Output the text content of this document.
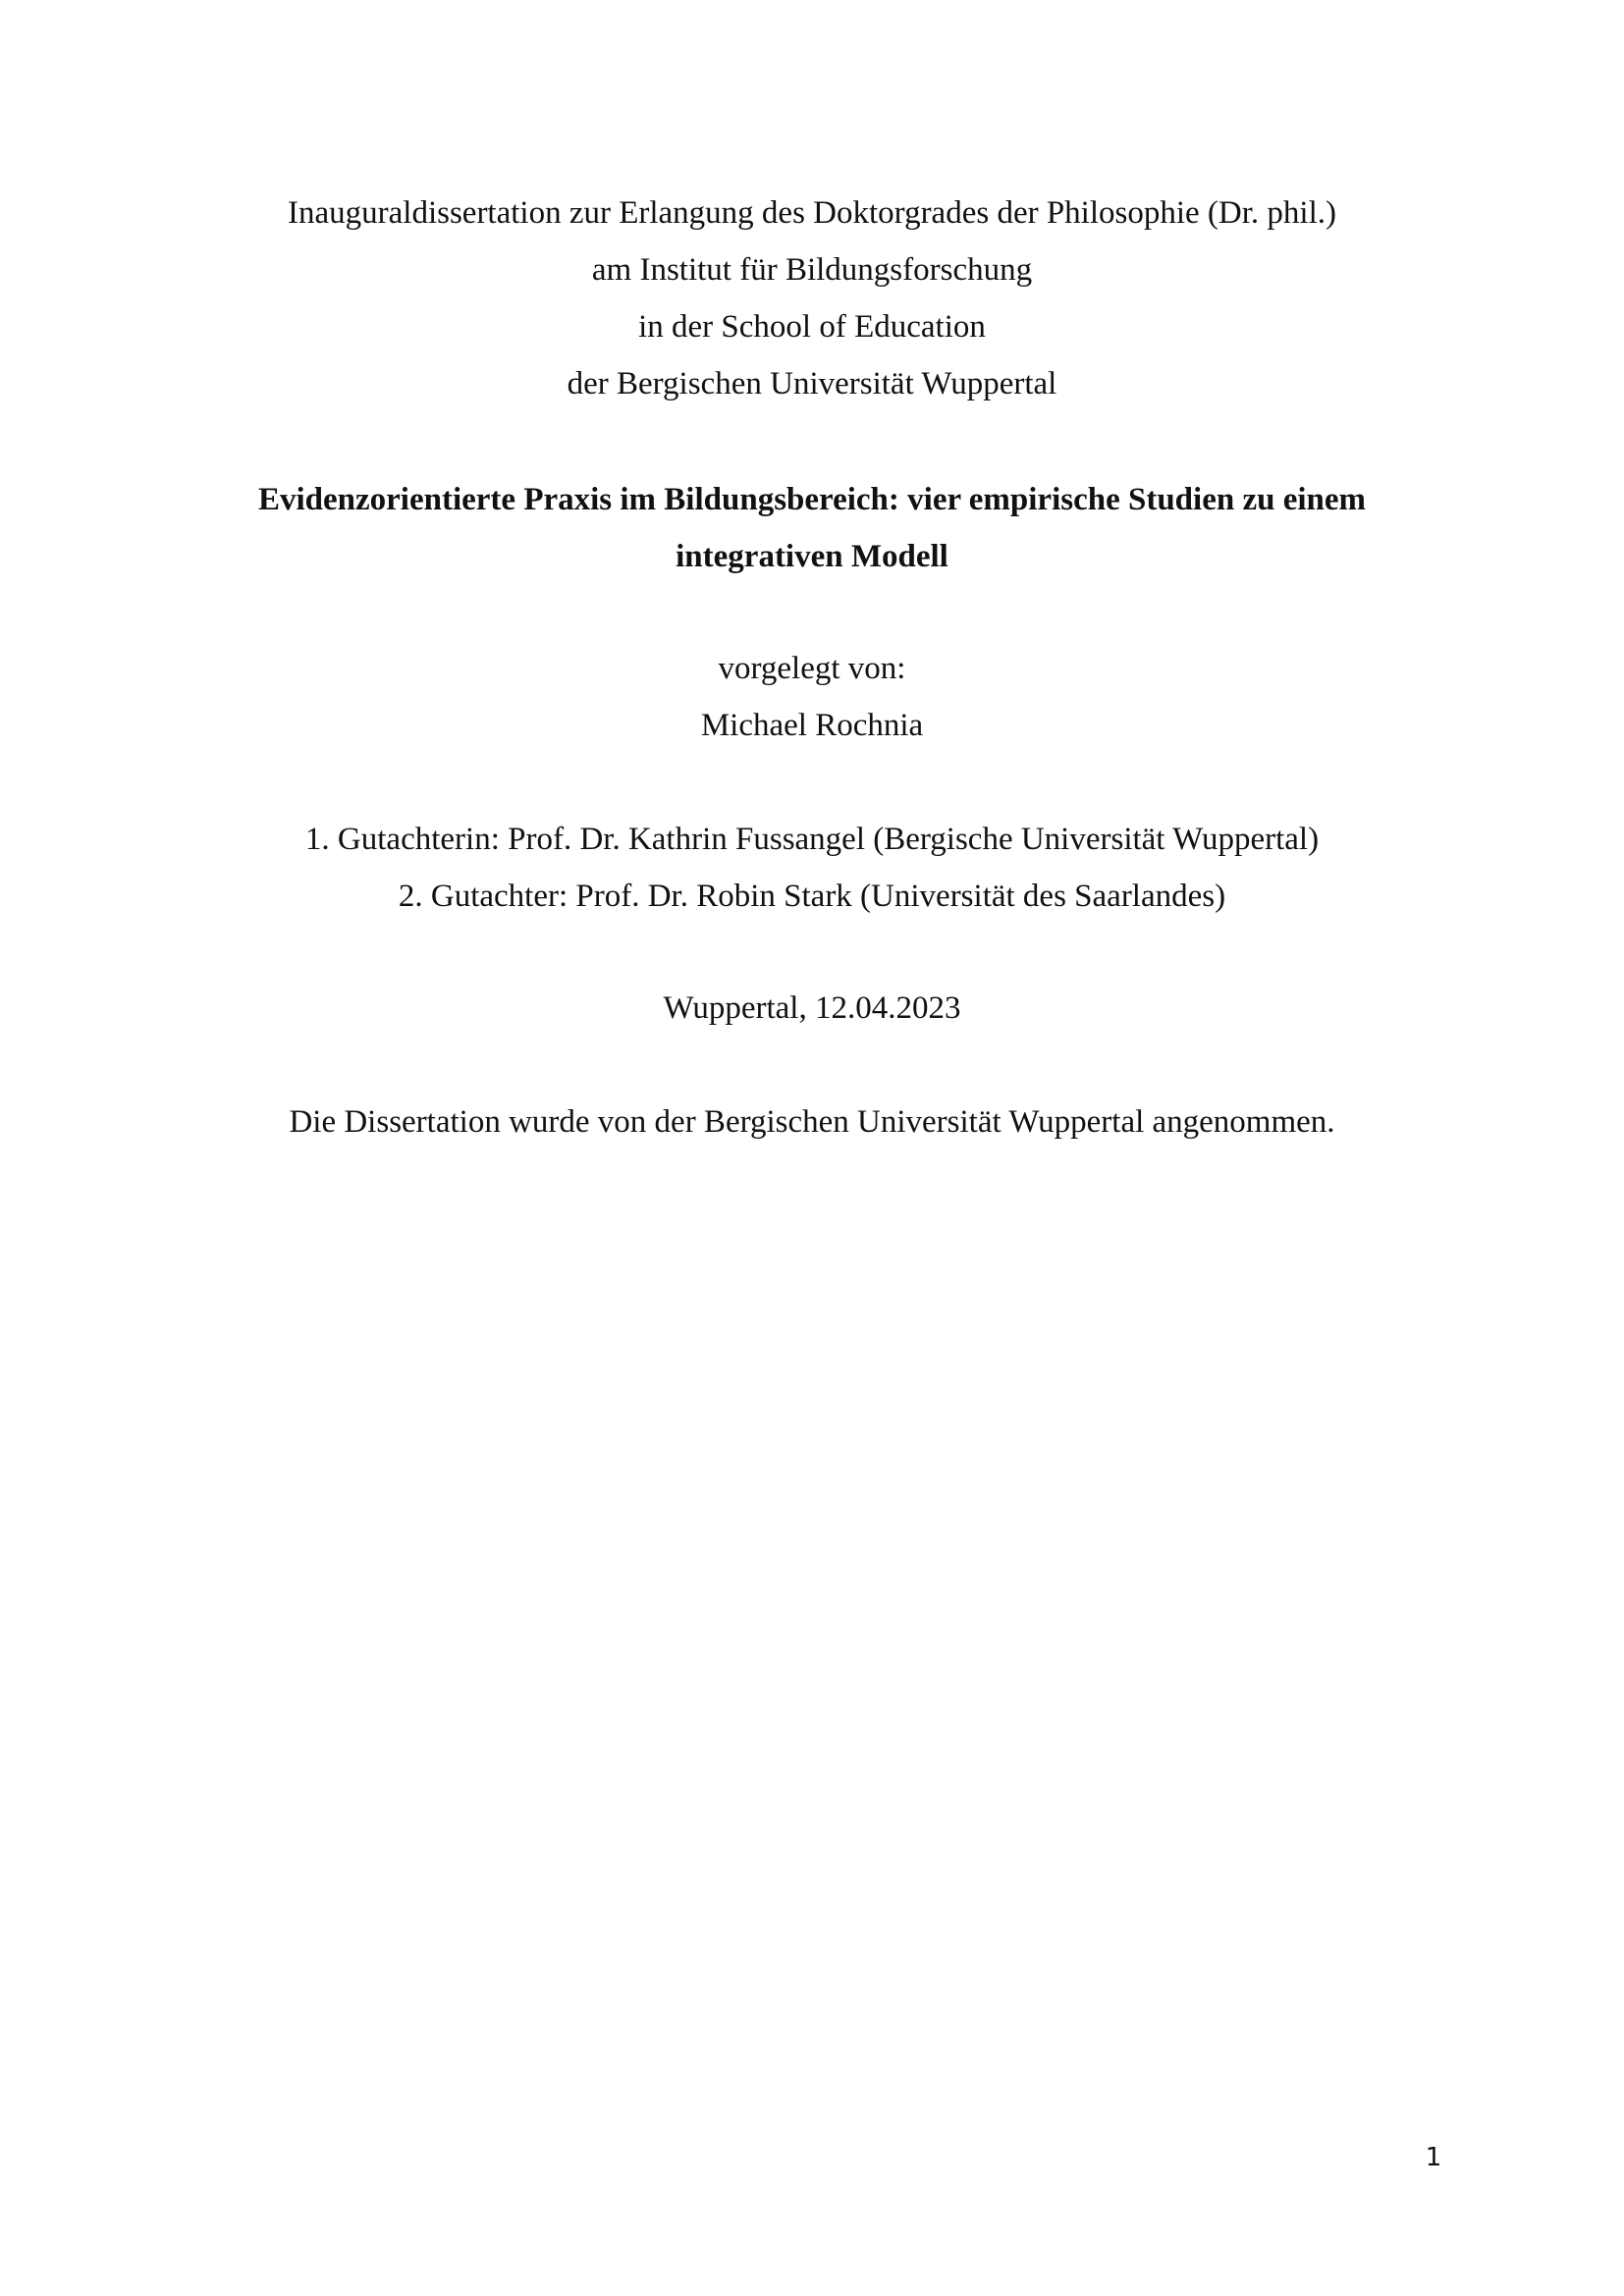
Inauguraldissertation zur Erlangung des Doktorgrades der Philosophie (Dr. phil.)
am Institut für Bildungsforschung
in der School of Education
der Bergischen Universität Wuppertal
Evidenzorientierte Praxis im Bildungsbereich: vier empirische Studien zu einem
integrativen Modell
vorgelegt von:
Michael Rochnia
1. Gutachterin: Prof. Dr. Kathrin Fussangel (Bergische Universität Wuppertal)
2. Gutachter: Prof. Dr. Robin Stark (Universität des Saarlandes)
Wuppertal, 12.04.2023
Die Dissertation wurde von der Bergischen Universität Wuppertal angenommen.
1
